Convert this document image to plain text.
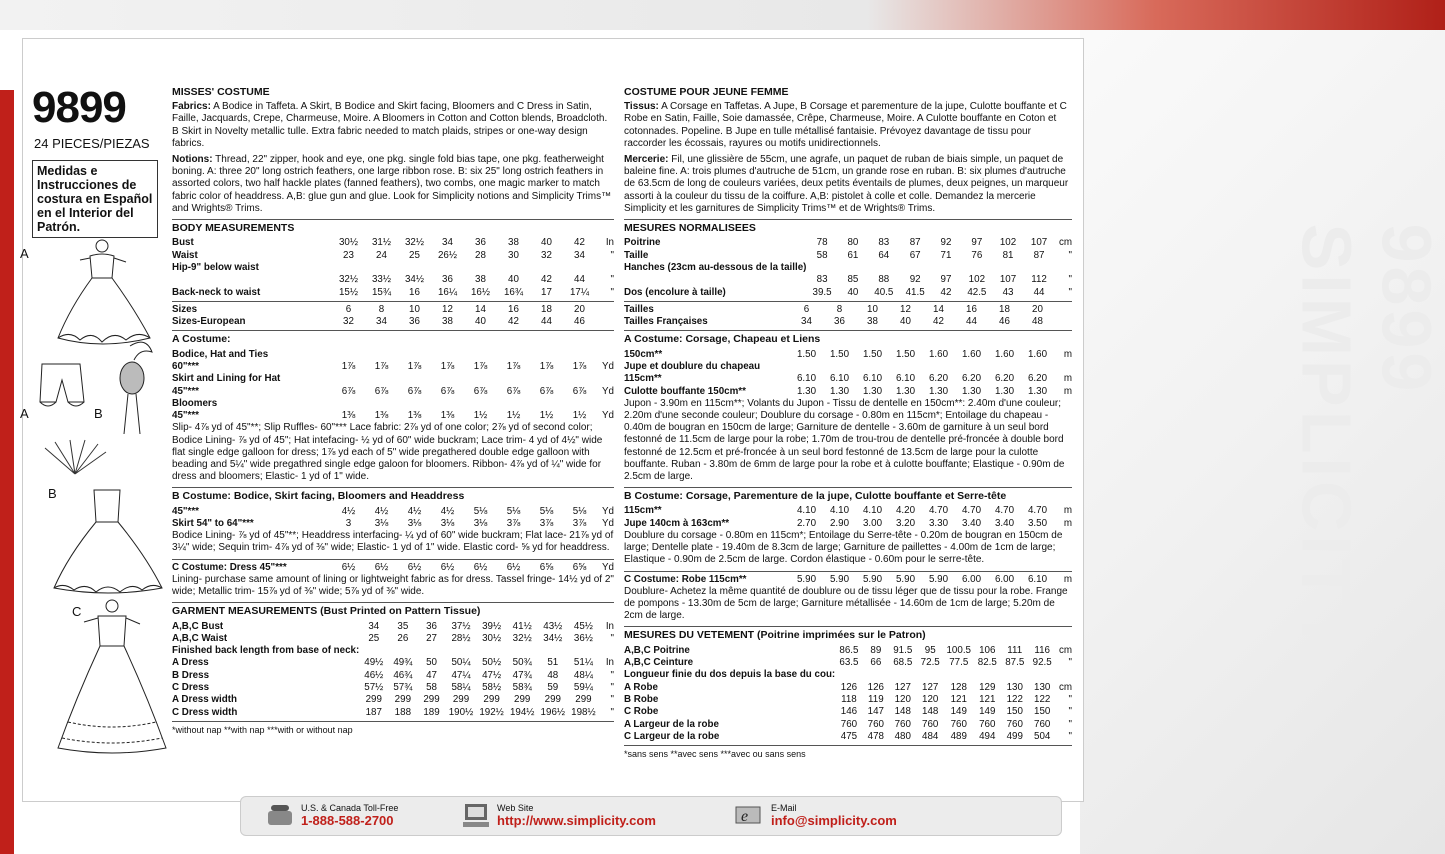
9899 SIMPLICITY
9899
24 PIECES/PIEZAS
Medidas e Instrucciones de costura en Español en el Interior del Patrón.
A
A	B
B
C
MISSES' COSTUME
Fabrics: A Bodice in Taffeta. A Skirt, B Bodice and Skirt facing, Bloomers and C Dress in Satin, Faille, Jacquards, Crepe, Charmeuse, Moire. A Bloomers in Cotton and Cotton blends, Broadcloth. B Skirt in Novelty metallic tulle. Extra fabric needed to match plaids, stripes or one-way design fabrics.
Notions: Thread, 22" zipper, hook and eye, one pkg. single fold bias tape, one pkg. featherweight boning. A: three 20" long ostrich feathers, one large ribbon rose. B: six 25" long ostrich feathers in assorted colors, two half hackle plates (fanned feathers), two combs, one magic marker to match fabric color of headdress. A,B: glue gun and glue. Look for Simplicity notions and Simplicity Trims™ and Wrights® Trims.
BODY MEASUREMENTS
Bust	30½	31½	32½	34	36	38	40	42	In
Waist	23	24	25	26½	28	30	32	34	"
Hip-9" below waist									
	32½	33½	34½	36	38	40	42	44	"
Back-neck to waist	15½	15¾	16	16¼	16½	16¾	17	17¼	"
Sizes	6	8	10	12	14	16	18	20	
Sizes-European	32	34	36	38	40	42	44	46	
A Costume:
Bodice, Hat and Ties									
60"***	1⅞	1⅞	1⅞	1⅞	1⅞	1⅞	1⅞	1⅞	Yd
Skirt and Lining for Hat									
45"***	6⅞	6⅞	6⅞	6⅞	6⅞	6⅞	6⅞	6⅞	Yd
Bloomers									
45"***	1⅜	1⅜	1⅜	1⅜	1½	1½	1½	1½	Yd
Slip- 4⅞ yd of 45"**; Slip Ruffles- 60"*** Lace fabric: 2⅞ yd of one color; 2⅞ yd of second color; Bodice Lining- ⅞ yd of 45"; Hat intefacing- ½ yd of 60" wide buckram; Lace trim- 4 yd of 4½" wide flat single edge galloon for dress; 1⅞ yd each of 5" wide pregathered double edge galloon with beading and 5¼" wide pregathred single edge galoon for bloomers. Ribbon- 4⅞ yd of ¼" wide for dress and bloomers; Elastic- 1 yd of 1" wide.
B Costume: Bodice, Skirt facing, Bloomers and Headdress
45"***	4½	4½	4½	4½	5⅛	5⅛	5⅛	5⅛	Yd
Skirt 54" to 64"***	3	3⅛	3⅛	3⅛	3⅛	3⅞	3⅞	3⅞	Yd
Bodice Lining- ⅞ yd of 45"**; Headdress interfacing- ¼ yd of 60" wide buckram; Flat lace- 21⅞ yd of 3¼" wide; Sequin trim- 4⅞ yd of ⅜" wide; Elastic- 1 yd of 1" wide. Elastic cord- ⅝ yd for headdress.
C Costume: Dress 45"***	6½	6½	6½	6½	6½	6½	6⅝	6⅝	Yd
Lining- purchase same amount of lining or lightweight fabric as for dress. Tassel fringe- 14½ yd of 2" wide; Metallic trim- 15⅞ yd of ⅜" wide; 5⅞ yd of ⅜" wide.
GARMENT MEASUREMENTS (Bust Printed on Pattern Tissue)
A,B,C Bust	34	35	36	37½	39½	41½	43½	45½	In
A,B,C Waist	25	26	27	28½	30½	32½	34½	36½	"
Finished back length from base of neck:									
A Dress	49½	49¾	50	50¼	50½	50¾	51	51¼	In
B Dress	46½	46¾	47	47¼	47½	47¾	48	48¼	"
C Dress	57½	57¾	58	58¼	58½	58¾	59	59¼	"
A Dress width	299	299	299	299	299	299	299	299	"
C Dress width	187	188	189	190½	192½	194½	196½	198½	"
*without nap **with nap ***with or without nap
COSTUME POUR JEUNE FEMME
Tissus: A Corsage en Taffetas. A Jupe, B Corsage et parementure de la jupe, Culotte bouffante et C Robe en Satin, Faille, Soie damassée, Crêpe, Charmeuse, Moire. A Culotte bouffante en Coton et cotonnades. Popeline. B Jupe en tulle métallisé fantaisie. Prévoyez davantage de tissu pour raccorder les écossais, rayures ou motifs unidirectionnels.
Mercerie: Fil, une glissière de 55cm, une agrafe, un paquet de ruban de biais simple, un paquet de baleine fine. A: trois plumes d'autruche de 51cm, un grande rose en ruban. B: six plumes d'autruche de 63.5cm de long de couleurs variées, deux petits éventails de plumes, deux peignes, un marqueur assorti à la couleur du tissu de la coiffure. A,B: pistolet à colle et colle. Demandez la mercerie Simplicity et les garnitures de Simplicity Trims™ et de Wrights® Trims.
MESURES NORMALISEES
Poitrine	78	80	83	87	92	97	102	107	cm
Taille	58	61	64	67	71	76	81	87	"
Hanches (23cm au-dessous de la taille)									
	83	85	88	92	97	102	107	112	"
Dos (encolure à taille)	39.5	40	40.5	41.5	42	42.5	43	44	"
Tailles	6	8	10	12	14	16	18	20	
Tailles Françaises	34	36	38	40	42	44	46	48	
A Costume: Corsage, Chapeau et Liens
150cm**	1.50	1.50	1.50	1.50	1.60	1.60	1.60	1.60	m
Jupe et doublure du chapeau									
115cm**	6.10	6.10	6.10	6.10	6.20	6.20	6.20	6.20	m
Culotte bouffante 150cm**	1.30	1.30	1.30	1.30	1.30	1.30	1.30	1.30	m
Jupon - 3.90m en 115cm**; Volants du Jupon - Tissu de dentelle en 150cm**: 2.40m d'une couleur; 2.20m d'une seconde couleur; Doublure du corsage - 0.80m en 115cm*; Entoilage du chapeau - 0.40m de bougran en 150cm de large; Garniture de dentelle - 3.60m de garniture à un seul bord festonné de 11.5cm de large pour la robe; 1.70m de trou-trou de dentelle pré-froncée à double bord festonné de 12.5cm et pré-froncée à un seul bord festonné de 13.5cm de large pour la culotte bouffante. Ruban - 3.80m de 6mm de large pour la robe et à culotte bouffante; Elastique - 0.90m de 2.5cm de large.
B Costume: Corsage, Parementure de la jupe, Culotte bouffante et Serre-tête
115cm**	4.10	4.10	4.10	4.20	4.70	4.70	4.70	4.70	m
Jupe 140cm à 163cm**	2.70	2.90	3.00	3.20	3.30	3.40	3.40	3.50	m
Doublure du corsage - 0.80m en 115cm*; Entoilage du Serre-tête - 0.20m de bougran en 150cm de large; Dentelle plate - 19.40m de 8.3cm de large; Garniture de paillettes - 4.00m de 1cm de large; Elastique - 0.90m de 2.5cm de large. Cordon élastique - 0.60m pour le serre-tête.
C Costume: Robe 115cm**	5.90	5.90	5.90	5.90	5.90	6.00	6.00	6.10	m
Doublure- Achetez la même quantité de doublure ou de tissu léger que de tissu pour la robe. Frange de pompons - 13.30m de 5cm de large; Garniture métallisée - 14.60m de 1cm de large; 5.20m de 2cm de large.
MESURES DU VETEMENT (Poitrine imprimées sur le Patron)
A,B,C Poitrine	86.5	89	91.5	95	100.5	106	111	116	cm
A,B,C Ceinture	63.5	66	68.5	72.5	77.5	82.5	87.5	92.5	"
Longueur finie du dos depuis la base du cou:									
A Robe	126	126	127	127	128	129	130	130	cm
B Robe	118	119	120	120	121	121	122	122	"
C Robe	146	147	148	148	149	149	150	150	"
A Largeur de la robe	760	760	760	760	760	760	760	760	"
C Largeur de la robe	475	478	480	484	489	494	499	504	"
*sans sens **avec sens ***avec ou sans sens
U.S. & Canada Toll-Free
1-888-588-2700
Web Site
http://www.simplicity.com	e	E-Mail
info@simplicity.com
